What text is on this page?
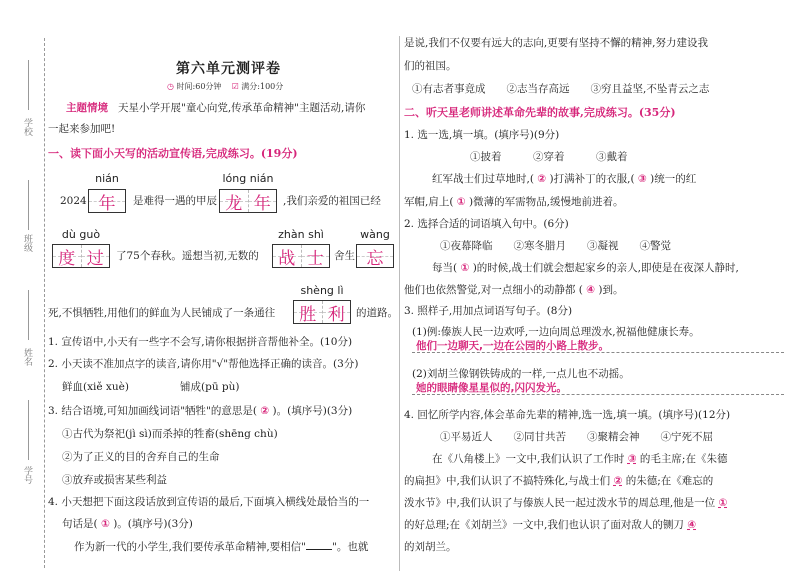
学校
班级
姓名
学号
第六单元测评卷
◷ 时间:60分钟 ☑ 满分:100分
主题情境 天星小学开展"童心向党,传承革命精神"主题活动,请你
一起来参加吧!
一、读下面小天写的活动宣传语,完成练习。(19分)
nián	lóng nián
2024 年 是难得一遇的甲辰 龙 年 ,我们亲爱的祖国已经
dù guò	zhàn shì	wàng
度 过 了75个春秋。遥想当初,无数的 战 士 舍生 忘
shèng lì
死,不惧牺牲,用他们的鲜血为人民铺成了一条通往 胜 利 的道路。
1. 宣传语中,小天有一些字不会写,请你根据拼音帮他补全。(10分)
2. 小天读不准加点字的读音,请你用"√"帮他选择正确的读音。(3分)
鲜血(xiě xuè)	铺成(pū pù)
3. 结合语境,可知加画线词语"牺牲"的意思是( ② )。(填序号)(3分)
①古代为祭祀(jì sì)而杀掉的牲畜(shēng chù)
②为了正义的目的舍弃自己的生命
③放弃或损害某些利益
4. 小天想把下面这段话放到宣传语的最后,下面填入横线处最恰当的一
句话是( ① )。(填序号)(3分)
作为新一代的小学生,我们要传承革命精神,要相信" "。也就
是说,我们不仅要有远大的志向,更要有坚持不懈的精神,努力建设我
们的祖国。
①有志者事竟成　　②志当存高远　　③穷且益坚,不坠青云之志
二、听天星老师讲述革命先辈的故事,完成练习。(35分)
1. 选一选,填一填。(填序号)(9分)
①披着　　　②穿着　　　③戴着
红军战士们过草地时,( ② )打满补丁的衣服,( ③ )统一的红
军帽,肩上( ① )微薄的军需物品,缓慢地前进着。
2. 选择合适的词语填入句中。(6分)
①夜幕降临　　②寒冬腊月　　③凝视　　④警觉
每当( ① )的时候,战士们就会想起家乡的亲人,即使是在夜深人静时,
他们也依然警觉,对一点细小的动静都 ( ④ )到。
3. 照样子,用加点词语写句子。(8分)
(1)例:傣族人民一边欢呼,一边向周总理泼水,祝福他健康长寿。
他们一边聊天,一边在公园的小路上散步。
(2)刘胡兰像钢铁铸成的一样,一点儿也不动摇。
她的眼睛像星星似的,闪闪发光。
4. 回忆所学内容,体会革命先辈的精神,选一选,填一填。(填序号)(12分)
①平易近人　　②同甘共苦　　③聚精会神　　④宁死不屈
在《八角楼上》一文中,我们认识了工作时 ③ 的毛主席;在《朱德
的扁担》中,我们认识了不搞特殊化,与战士们 ② 的朱德;在《难忘的
泼水节》中,我们认识了与傣族人民一起过泼水节的周总理,他是一位 ①
的好总理;在《刘胡兰》一文中,我们也认识了面对敌人的铡刀 ④
的刘胡兰。
